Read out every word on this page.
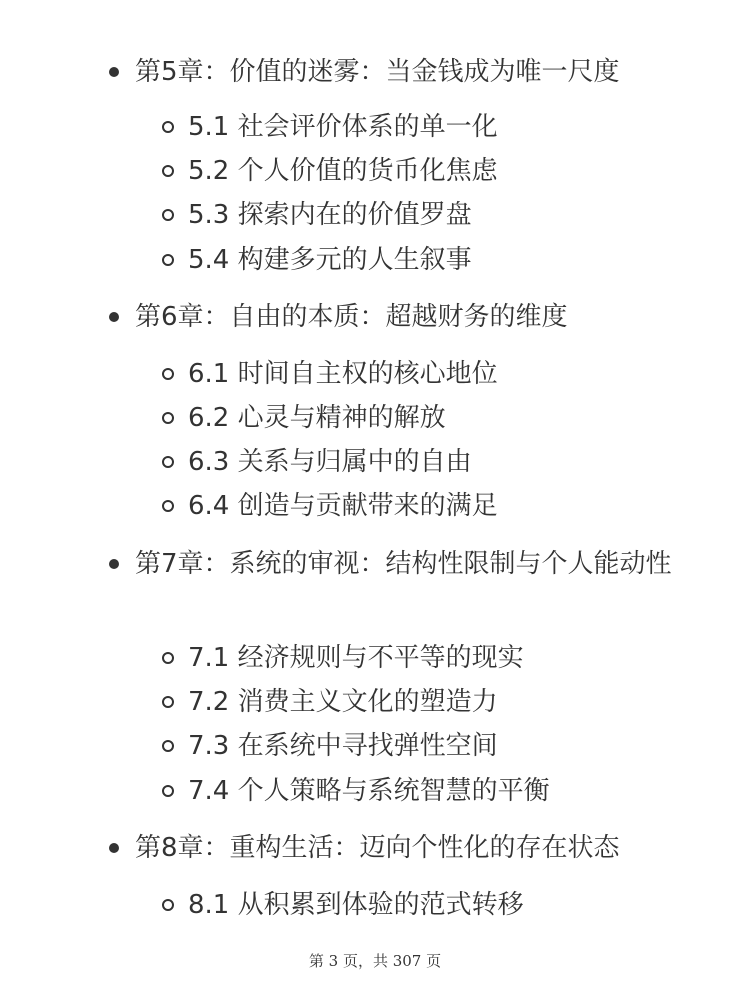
第5章：价值的迷雾：当金钱成为唯一尺度
5.1 社会评价体系的单一化
5.2 个人价值的货币化焦虑
5.3 探索内在的价值罗盘
5.4 构建多元的人生叙事
第6章：自由的本质：超越财务的维度
6.1 时间自主权的核心地位
6.2 心灵与精神的解放
6.3 关系与归属中的自由
6.4 创造与贡献带来的满足
第7章：系统的审视：结构性限制与个人能动性
7.1 经济规则与不平等的现实
7.2 消费主义文化的塑造力
7.3 在系统中寻找弹性空间
7.4 个人策略与系统智慧的平衡
第8章：重构生活：迈向个性化的存在状态
8.1 从积累到体验的范式转移
第 3 页，共 307 页
